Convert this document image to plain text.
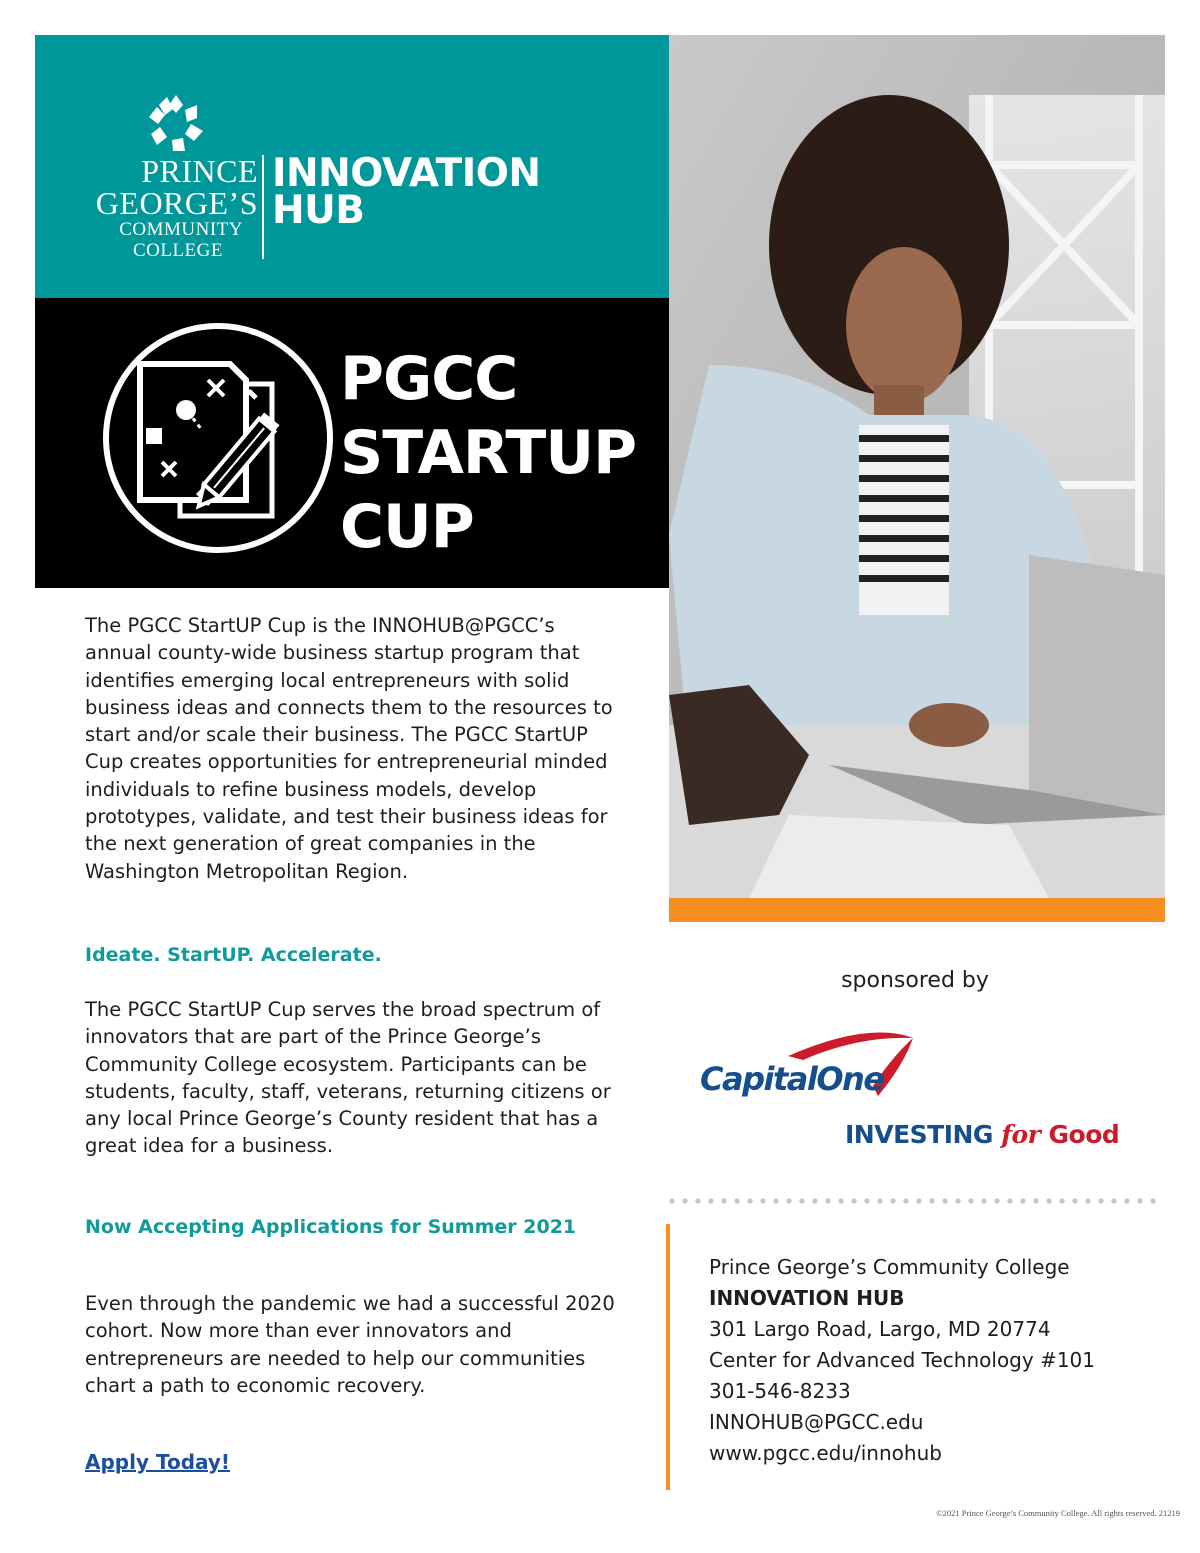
PRINCE
GEORGE’S
COMMUNITY
COLLEGE
INNOVATION
HUB
PGCC
STARTUP
CUP

The PGCC StartUP Cup is the INNOHUB@PGCC’s annual county-wide business startup program that identifies emerging local entrepreneurs with solid business ideas and connects them to the resources to start and/or scale their business. The PGCC StartUP Cup creates opportunities for entrepreneurial minded individuals to refine business models, develop prototypes, validate, and test their business ideas for the next generation of great companies in the Washington Metropolitan Region.

Ideate. StartUP. Accelerate.

The PGCC StartUP Cup serves the broad spectrum of innovators that are part of the Prince George’s Community College ecosystem. Participants can be students, faculty, staff, veterans, returning citizens or any local Prince George’s County resident that has a great idea for a business.

Now Accepting Applications for Summer 2021

Even through the pandemic we had a successful 2020 cohort. Now more than ever innovators and entrepreneurs are needed to help our communities chart a path to economic recovery.

Apply Today!
sponsored by
CapitalOne
INVESTING for Good
Prince George’s Community College
INNOVATION HUB
301 Largo Road, Largo, MD 20774
Center for Advanced Technology #101
301-546-8233
INNOHUB@PGCC.edu
www.pgcc.edu/innohub
©2021 Prince George’s Community College. All rights reserved. 21219
